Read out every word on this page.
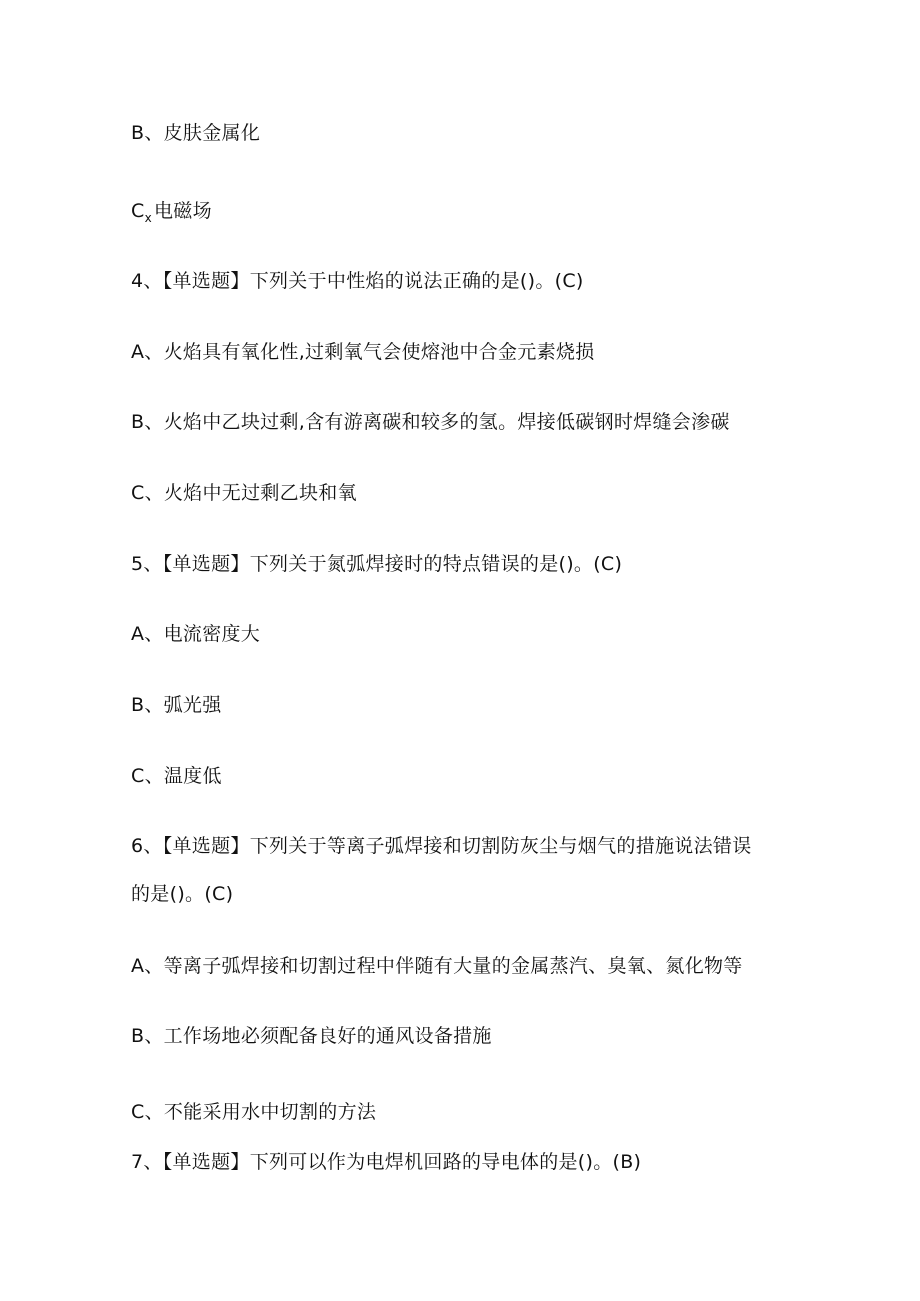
B、皮肤金属化
$C_x$ 电磁场
4、【单选题】下列关于中性焰的说法正确的是()。(C)
A、火焰具有氧化性,过剩氧气会使熔池中合金元素烧损
B、火焰中乙块过剩,含有游离碳和较多的氢。焊接低碳钢时焊缝会渗碳
C、火焰中无过剩乙块和氧
5、【单选题】下列关于氮弧焊接时的特点错误的是()。(C)
A、电流密度大
B、弧光强
C、温度低
6、【单选题】下列关于等离子弧焊接和切割防灰尘与烟气的措施说法错误
的是()。(C)
A、等离子弧焊接和切割过程中伴随有大量的金属蒸汽、臭氧、氮化物等
B、工作场地必须配备良好的通风设备措施
C、不能采用水中切割的方法
7、【单选题】下列可以作为电焊机回路的导电体的是()。(B)
